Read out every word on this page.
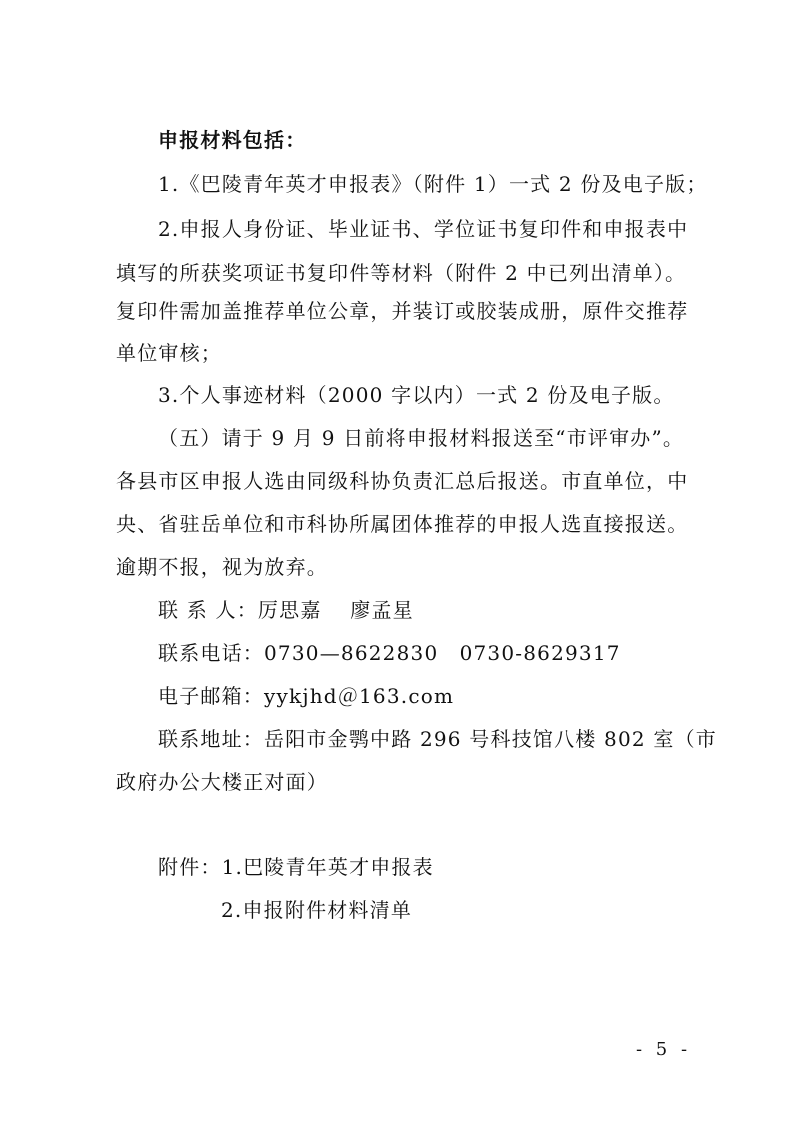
申报材料包括：
1.《巴陵青年英才申报表》（附件 1）一式 2 份及电子版；
2.申报人身份证、毕业证书、学位证书复印件和申报表中
填写的所获奖项证书复印件等材料（附件 2 中已列出清单）。
复印件需加盖推荐单位公章，并装订或胶装成册，原件交推荐
单位审核；
3.个人事迹材料（2000 字以内）一式 2 份及电子版。
（五）请于 9 月 9 日前将申报材料报送至“市评审办”。
各县市区申报人选由同级科协负责汇总后报送。市直单位，中
央、省驻岳单位和市科协所属团体推荐的申报人选直接报送。
逾期不报，视为放弃。
联 系 人：厉思嘉　 廖孟星
联系电话：0730—8622830　0730-8629317
电子邮箱：yykjhd＠163.com
联系地址：岳阳市金鹗中路 296 号科技馆八楼 802 室（市
政府办公大楼正对面）
附件：1.巴陵青年英才申报表
2.申报附件材料清单
- 5 -
